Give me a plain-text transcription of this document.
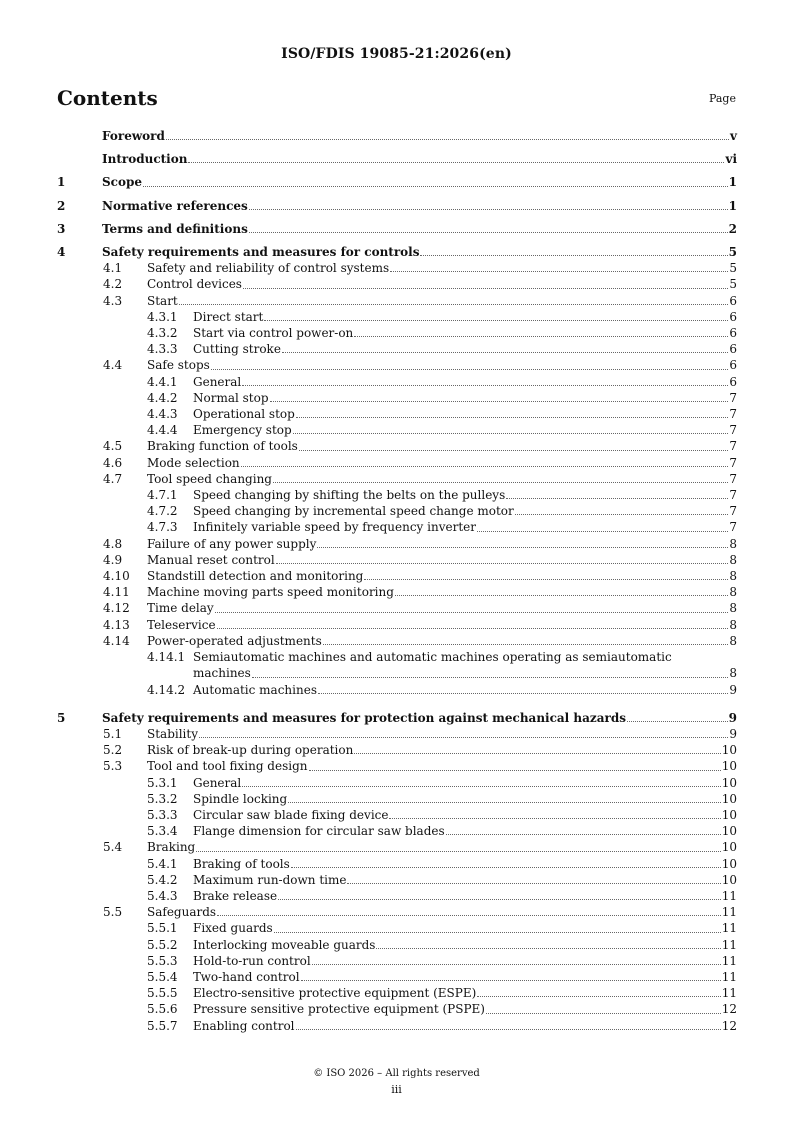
ISO/FDIS 19085-21:2026(en)
Contents	Page
Foreword	v
Introduction	vi
1	Scope	1
2	Normative references	1
3	Terms and definitions	2
4	Safety requirements and measures for controls	5
4.1	Safety and reliability of control systems	5
4.2	Control devices	5
4.3	Start	6
4.3.1	Direct start	6
4.3.2	Start via control power-on	6
4.3.3	Cutting stroke	6
4.4	Safe stops	6
4.4.1	General	6
4.4.2	Normal stop	7
4.4.3	Operational stop	7
4.4.4	Emergency stop	7
4.5	Braking function of tools	7
4.6	Mode selection	7
4.7	Tool speed changing	7
4.7.1	Speed changing by shifting the belts on the pulleys	7
4.7.2	Speed changing by incremental speed change motor	7
4.7.3	Infinitely variable speed by frequency inverter	7
4.8	Failure of any power supply	8
4.9	Manual reset control	8
4.10	Standstill detection and monitoring	8
4.11	Machine moving parts speed monitoring	8
4.12	Time delay	8
4.13	Teleservice	8
4.14	Power-operated adjustments	8
4.14.1 Semiautomatic machines and automatic machines operating as semiautomatic
machines	8
4.14.2 Automatic machines	9
5	Safety requirements and measures for protection against mechanical hazards	9
5.1	Stability	9
5.2	Risk of break-up during operation	10
5.3	Tool and tool fixing design	10
5.3.1	General	10
5.3.2	Spindle locking	10
5.3.3	Circular saw blade fixing device	10
5.3.4	Flange dimension for circular saw blades	10
5.4	Braking	10
5.4.1	Braking of tools	10
5.4.2	Maximum run-down time	10
5.4.3	Brake release	11
5.5	Safeguards	11
5.5.1	Fixed guards	11
5.5.2	Interlocking moveable guards	11
5.5.3	Hold-to-run control	11
5.5.4	Two-hand control	11
5.5.5	Electro-sensitive protective equipment (ESPE)	11
5.5.6	Pressure sensitive protective equipment (PSPE)	12
5.5.7	Enabling control	12
© ISO 2026 – All rights reserved
iii
